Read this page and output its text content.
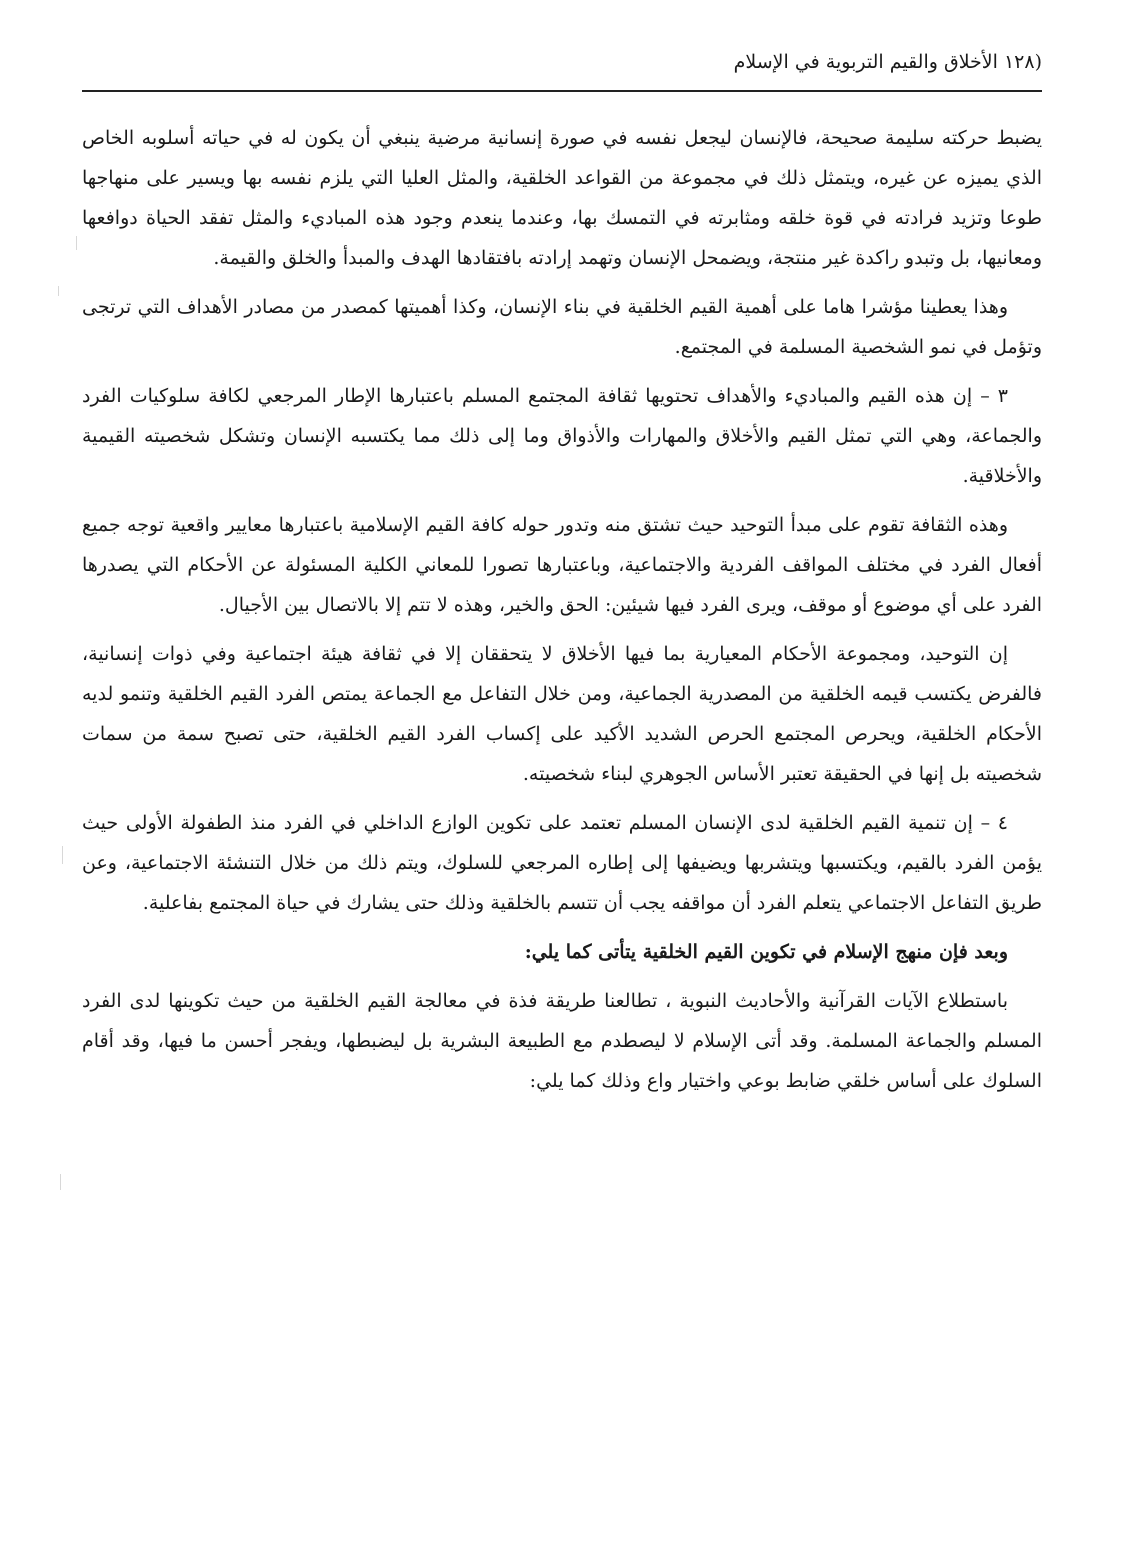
(١٢٨ الأخلاق والقيم التربوية في الإسلام

يضبط حركته سليمة صحيحة، فالإنسان ليجعل نفسه في صورة إنسانية مرضية ينبغي أن يكون له في حياته أسلوبه الخاص الذي يميزه عن غيره، ويتمثل ذلك في مجموعة من القواعد الخلقية، والمثل العليا التي يلزم نفسه بها ويسير على منهاجها طوعا وتزيد فرادته في قوة خلقه ومثابرته في التمسك بها، وعندما ينعدم وجود هذه المباديء والمثل تفقد الحياة دوافعها ومعانيها، بل وتبدو راكدة غير منتجة، ويضمحل الإنسان وتهمد إرادته بافتقادها الهدف والمبدأ والخلق والقيمة.

وهذا يعطينا مؤشرا هاما على أهمية القيم الخلقية في بناء الإنسان، وكذا أهميتها كمصدر من مصادر الأهداف التي ترتجى وتؤمل في نمو الشخصية المسلمة في المجتمع.

٣ – إن هذه القيم والمباديء والأهداف تحتويها ثقافة المجتمع المسلم باعتبارها الإطار المرجعي لكافة سلوكيات الفرد والجماعة، وهي التي تمثل القيم والأخلاق والمهارات والأذواق وما إلى ذلك مما يكتسبه الإنسان وتشكل شخصيته القيمية والأخلاقية.

وهذه الثقافة تقوم على مبدأ التوحيد حيث تشتق منه وتدور حوله كافة القيم الإسلامية باعتبارها معايير واقعية توجه جميع أفعال الفرد في مختلف المواقف الفردية والاجتماعية، وباعتبارها تصورا للمعاني الكلية المسئولة عن الأحكام التي يصدرها الفرد على أي موضوع أو موقف، ويرى الفرد فيها شيئين: الحق والخير، وهذه لا تتم إلا بالاتصال بين الأجيال.

إن التوحيد، ومجموعة الأحكام المعيارية بما فيها الأخلاق لا يتحققان إلا في ثقافة هيئة اجتماعية وفي ذوات إنسانية، فالفرض يكتسب قيمه الخلقية من المصدرية الجماعية، ومن خلال التفاعل مع الجماعة يمتص الفرد القيم الخلقية وتنمو لديه الأحكام الخلقية، ويحرص المجتمع الحرص الشديد الأكيد على إكساب الفرد القيم الخلقية، حتى تصبح سمة من سمات شخصيته بل إنها في الحقيقة تعتبر الأساس الجوهري لبناء شخصيته.

٤ – إن تنمية القيم الخلقية لدى الإنسان المسلم تعتمد على تكوين الوازع الداخلي في الفرد منذ الطفولة الأولى حيث يؤمن الفرد بالقيم، ويكتسبها ويتشربها ويضيفها إلى إطاره المرجعي للسلوك، ويتم ذلك من خلال التنشئة الاجتماعية، وعن طريق التفاعل الاجتماعي يتعلم الفرد أن مواقفه يجب أن تتسم بالخلقية وذلك حتى يشارك في حياة المجتمع بفاعلية.

وبعد فإن منهج الإسلام في تكوين القيم الخلقية يتأتى كما يلي:

باستطلاع الآيات القرآنية والأحاديث النبوية ، تطالعنا طريقة فذة في معالجة القيم الخلقية من حيث تكوينها لدى الفرد المسلم والجماعة المسلمة. وقد أتى الإسلام لا ليصطدم مع الطبيعة البشرية بل ليضبطها، ويفجر أحسن ما فيها، وقد أقام السلوك على أساس خلقي ضابط بوعي واختيار واع وذلك كما يلي:
